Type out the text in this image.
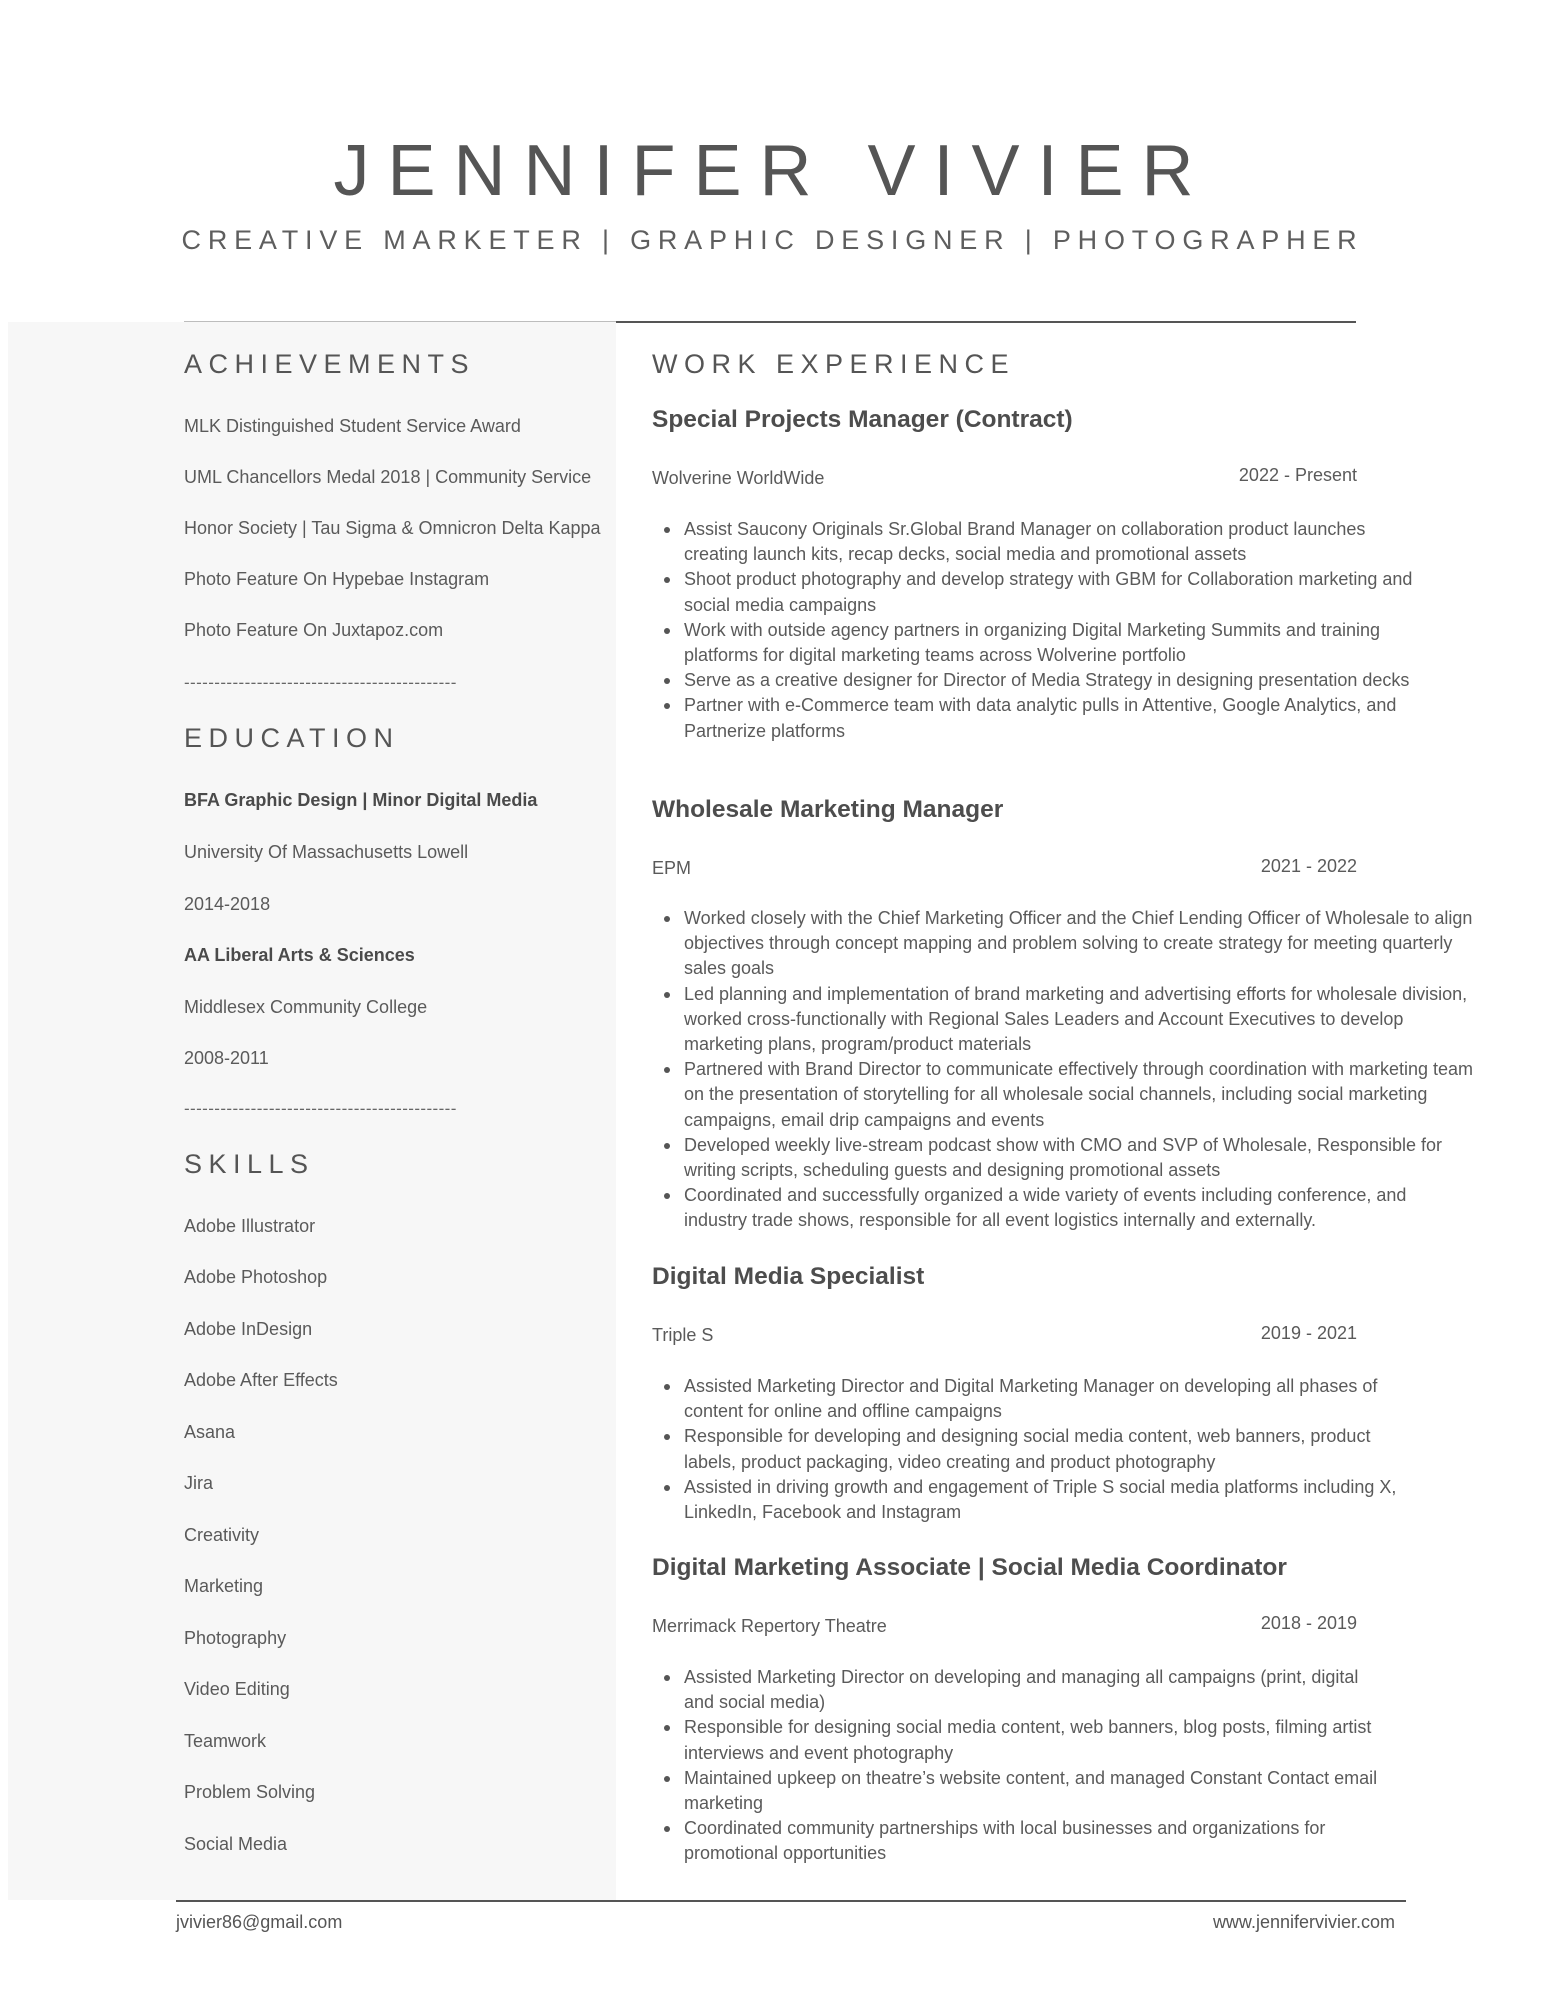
JENNIFER VIVIER
CREATIVE MARKETER | GRAPHIC DESIGNER | PHOTOGRAPHER
ACHIEVEMENTS
MLK Distinguished Student Service Award
UML Chancellors Medal 2018 | Community Service
Honor Society | Tau Sigma & Omnicron Delta Kappa
Photo Feature On Hypebae Instagram
Photo Feature On Juxtapoz.com
---------------------------------------------
EDUCATION
BFA Graphic Design | Minor Digital Media
University Of Massachusetts Lowell
2014-2018
AA Liberal Arts & Sciences
Middlesex Community College
2008-2011
---------------------------------------------
SKILLS
Adobe Illustrator
Adobe Photoshop
Adobe InDesign
Adobe After Effects
Asana
Jira
Creativity
Marketing
Photography
Video Editing
Teamwork
Problem Solving
Social Media
WORK EXPERIENCE
Special Projects Manager (Contract)
Wolverine WorldWide	2022 - Present
Assist Saucony Originals Sr.Global Brand Manager on collaboration product launches creating launch kits, recap decks, social media and promotional assets
Shoot product photography and develop strategy with GBM for Collaboration marketing and social media campaigns
Work with outside agency partners in organizing Digital Marketing Summits and training platforms for digital marketing teams across Wolverine portfolio
Serve as a creative designer for Director of Media Strategy in designing presentation decks
Partner with e-Commerce team with data analytic pulls in Attentive, Google Analytics, and Partnerize platforms
Wholesale Marketing Manager
EPM	2021 - 2022
Worked closely with the Chief Marketing Officer and the Chief Lending Officer of Wholesale to align objectives through concept mapping and problem solving to create strategy for meeting quarterly sales goals
Led planning and implementation of brand marketing and advertising efforts for wholesale division, worked cross-functionally with Regional Sales Leaders and Account Executives to develop marketing plans, program/product materials
Partnered with Brand Director to communicate effectively through coordination with marketing team on the presentation of storytelling for all wholesale social channels, including social marketing campaigns, email drip campaigns and events
Developed weekly live-stream podcast show with CMO and SVP of Wholesale, Responsible for writing scripts, scheduling guests and designing promotional assets
Coordinated and successfully organized a wide variety of events including conference, and industry trade shows, responsible for all event logistics internally and externally.
Digital Media Specialist
Triple S	2019 - 2021
Assisted Marketing Director and Digital Marketing Manager on developing all phases of content for online and offline campaigns
Responsible for developing and designing social media content, web banners, product labels, product packaging, video creating and product photography
Assisted in driving growth and engagement of Triple S social media platforms including X, LinkedIn, Facebook and Instagram
Digital Marketing Associate | Social Media Coordinator
Merrimack Repertory Theatre	2018 - 2019
Assisted Marketing Director on developing and managing all campaigns (print, digital and social media)
Responsible for designing social media content, web banners, blog posts, filming artist interviews and event photography
Maintained upkeep on theatre’s website content, and managed Constant Contact email marketing
Coordinated community partnerships with local businesses and organizations for promotional opportunities
jvivier86@gmail.com	www.jennifervivier.com
